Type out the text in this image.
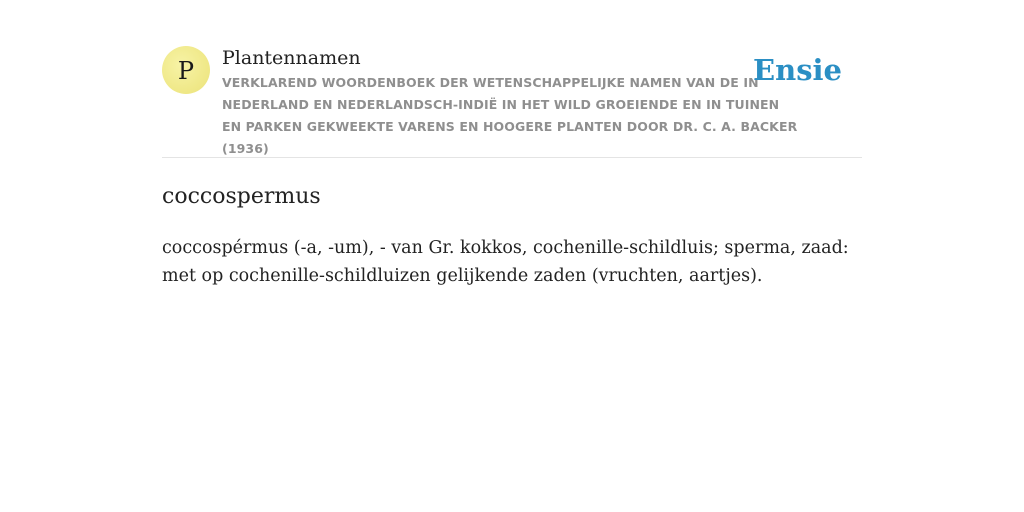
P Plantennamen
VERKLAREND WOORDENBOEK DER WETENSCHAPPELIJKE NAMEN VAN DE IN NEDERLAND EN NEDERLANDSCH-INDIË IN HET WILD GROEIENDE EN IN TUINEN EN PARKEN GEKWEEKTE VARENS EN HOOGERE PLANTEN DOOR DR. C. A. BACKER (1936)
Ensie
coccospermus

coccospérmus (-a, -um), - van Gr. kokkos, cochenille-schildluis; sperma, zaad: met op cochenille-schildluizen gelijkende zaden (vruchten, aartjes).
